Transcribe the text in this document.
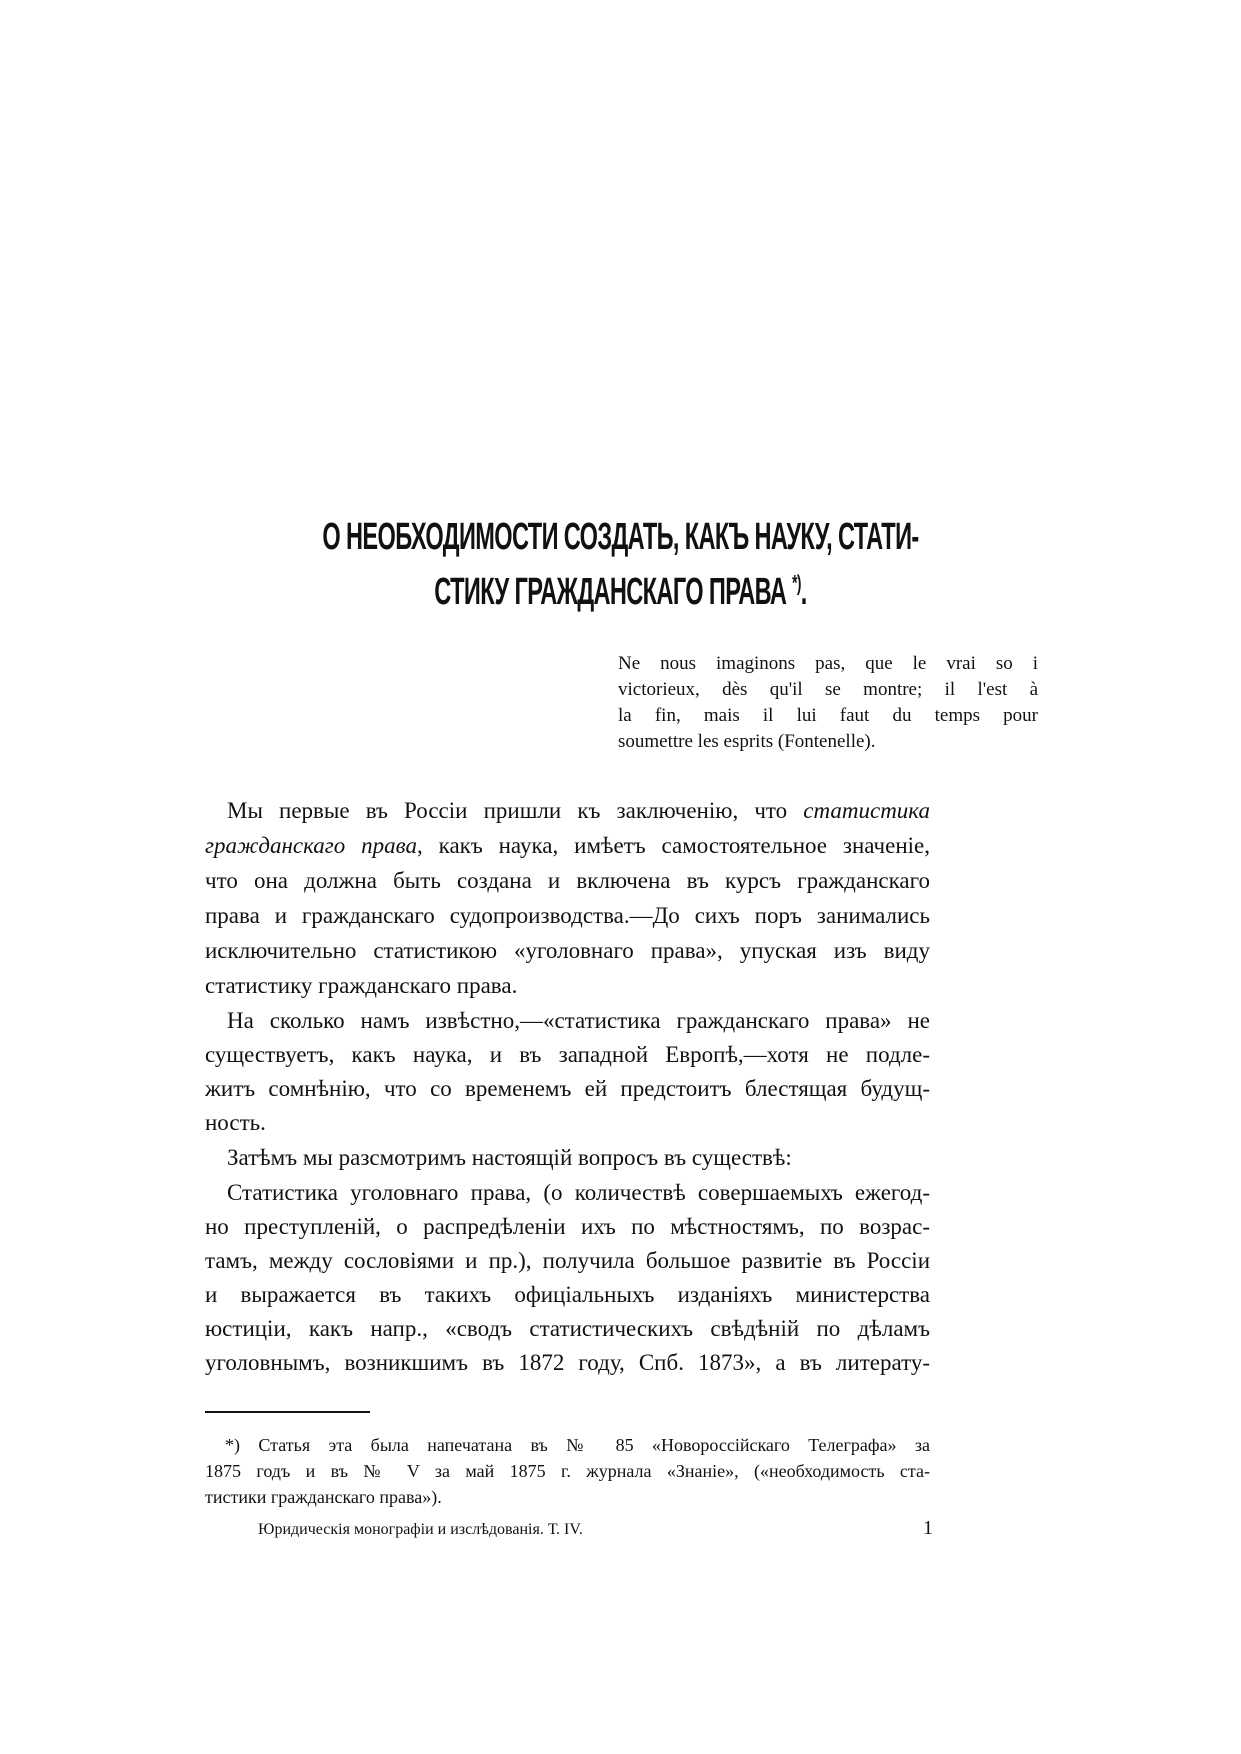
О НЕОБХОДИМОСТИ СОЗДАТЬ, КАКЪ НАУКУ, СТАТИ-
СТИКУ ГРАЖДАНСКАГО ПРАВА *).
Ne nous imaginons pas, que le vrai so i
victorieux, dès qu'il se montre; il l'est à
la fin, mais il lui faut du temps pour
soumettre les esprits (Fontenelle).
Мы первые въ Россіи пришли къ заключенію, что статистика
гражданскаго права, какъ наука, имѣетъ самостоятельное значеніе,
что она должна быть создана и включена въ курсъ гражданскаго
права и гражданскаго судопроизводства.—До сихъ поръ занимались
исключительно статистикою «уголовнаго права», упуская изъ виду
статистику гражданскаго права.
На сколько намъ извѣстно,—«статистика гражданскаго права» не
существуетъ, какъ наука, и въ западной Европѣ,—хотя не подле-
житъ сомнѣнію, что со временемъ ей предстоитъ блестящая будущ-
ность.
Затѣмъ мы разсмотримъ настоящій вопросъ въ существѣ:
Статистика уголовнаго права, (о количествѣ совершаемыхъ ежегод-
но преступленій, о распредѣленіи ихъ по мѣстностямъ, по возрас-
тамъ, между сословіями и пр.), получила большое развитіе въ Россіи
и выражается въ такихъ офиціальныхъ изданіяхъ министерства
юстиціи, какъ напр., «сводъ статистическихъ свѣдѣній по дѣламъ
уголовнымъ, возникшимъ въ 1872 году, Спб. 1873», а въ литерату-
*) Статья эта была напечатана въ № 85 «Новороссійскаго Телеграфа» за
1875 годъ и въ № V за май 1875 г. журнала «Знаніе», («необходимость ста-
тистики гражданскаго права»).
Юридическія монографіи и изслѣдованія. Т. IV.	1
